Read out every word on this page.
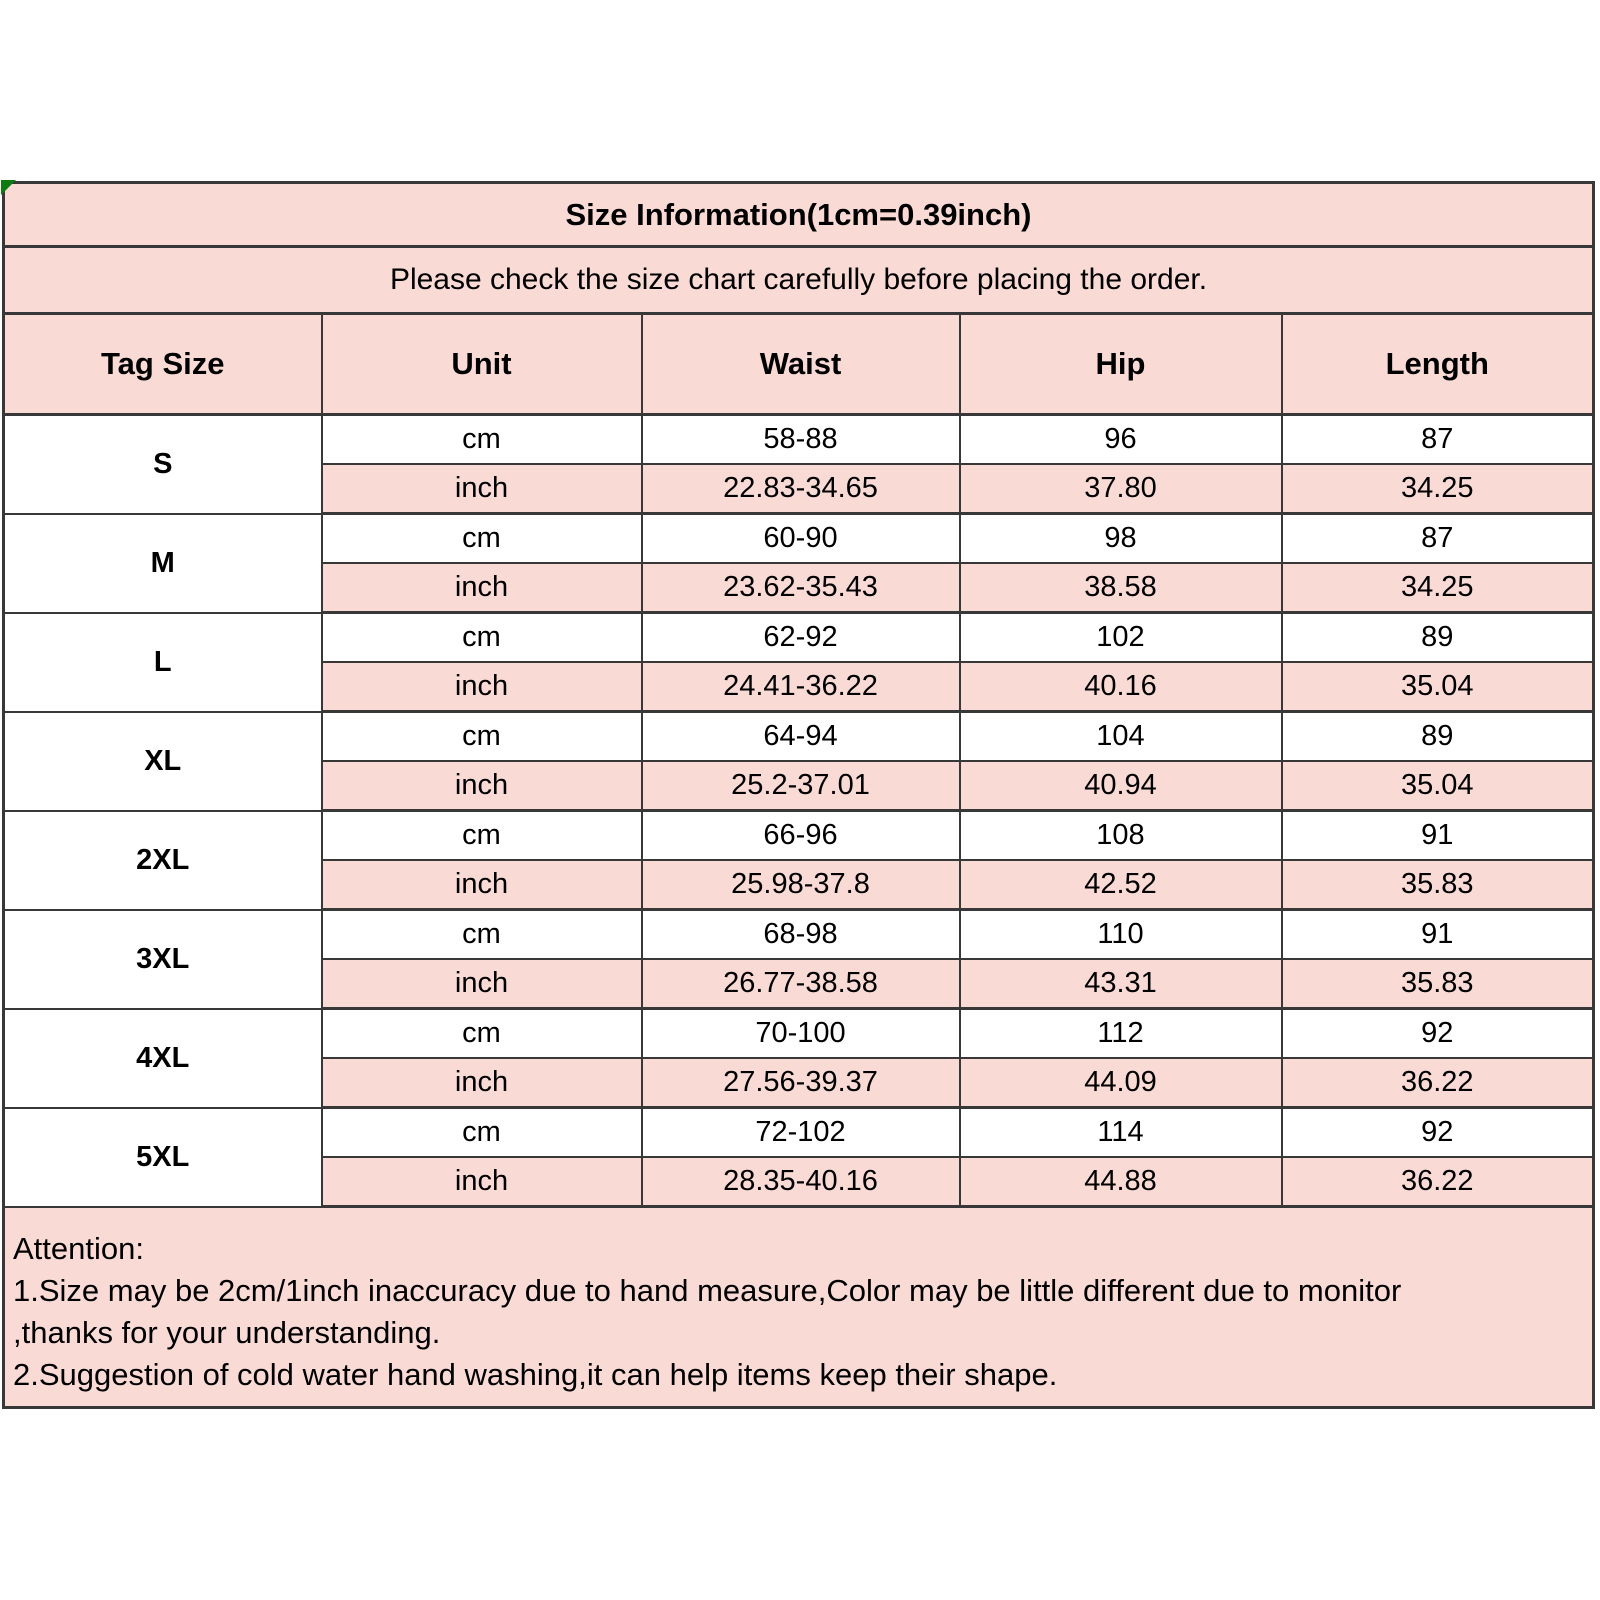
Size Information(1cm=0.39inch)				
Please check the size chart carefully before placing the order.				
Tag Size	Unit	Waist	Hip	Length
S	cm	58-88	96	87
	inch	22.83-34.65	37.80	34.25
M	cm	60-90	98	87
	inch	23.62-35.43	38.58	34.25
L	cm	62-92	102	89
	inch	24.41-36.22	40.16	35.04
XL	cm	64-94	104	89
	inch	25.2-37.01	40.94	35.04
2XL	cm	66-96	108	91
	inch	25.98-37.8	42.52	35.83
3XL	cm	68-98	110	91
	inch	26.77-38.58	43.31	35.83
4XL	cm	70-100	112	92
	inch	27.56-39.37	44.09	36.22
5XL	cm	72-102	114	92
	inch	28.35-40.16	44.88	36.22

Attention:
1.Size may be 2cm/1inch inaccuracy due to hand measure,Color may be little different due to monitor
,thanks for your understanding.
2.Suggestion of cold water hand washing,it can help items keep their shape.				
